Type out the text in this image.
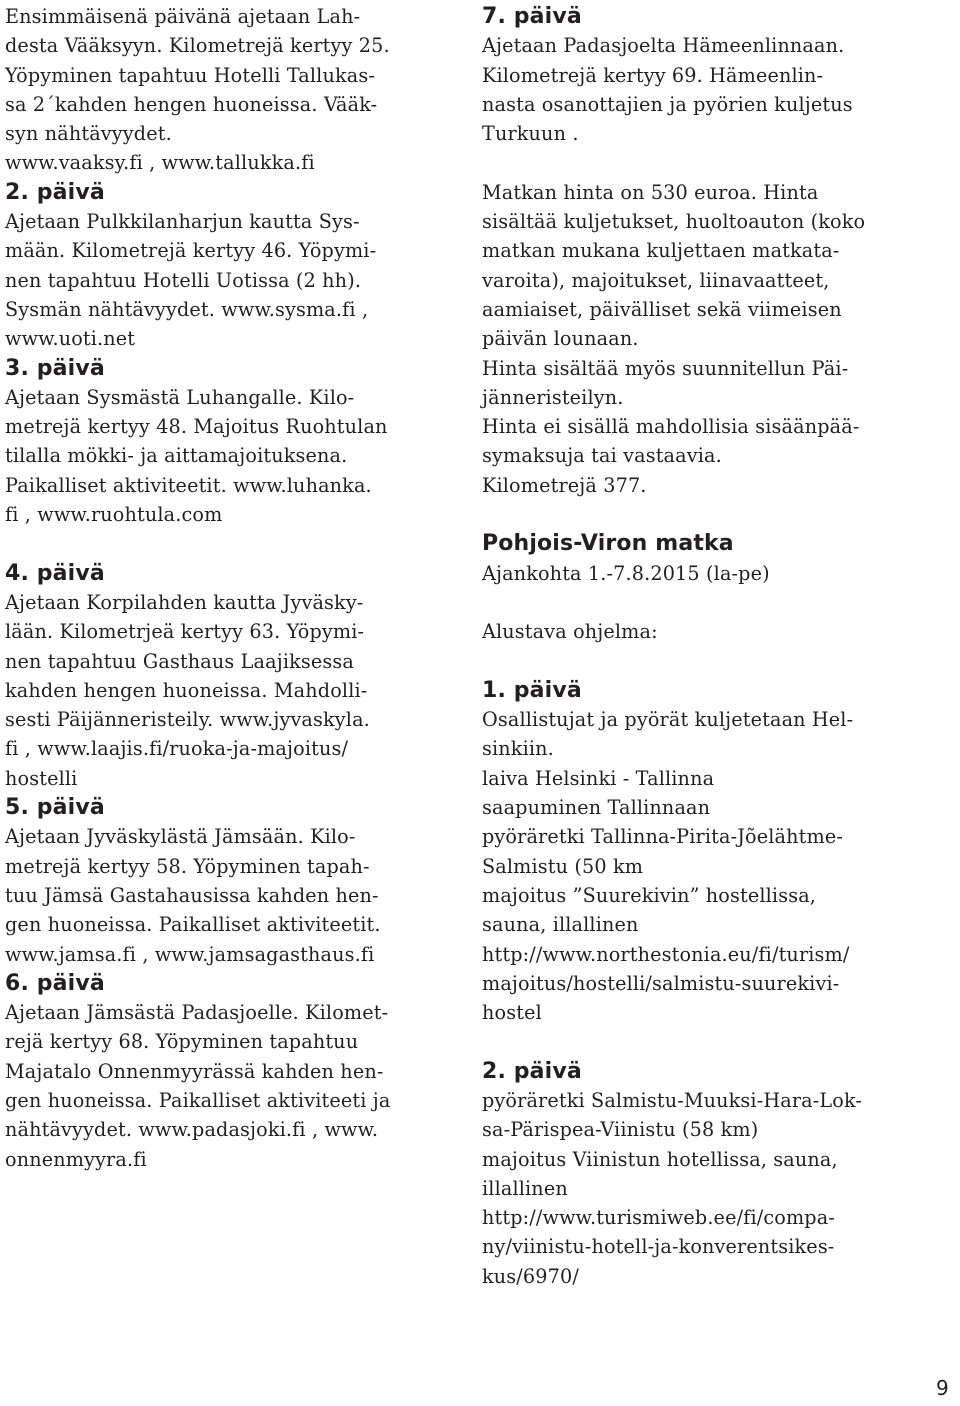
Ensimmäisenä päivänä ajetaan Lah-
desta Vääksyyn. Kilometrejä kertyy 25.
Yöpyminen tapahtuu Hotelli Tallukas-
sa 2´kahden hengen huoneissa. Vääk-
syn nähtävyydet.
www.vaaksy.fi , www.tallukka.fi
2. päivä
Ajetaan Pulkkilanharjun kautta Sys-
mään. Kilometrejä kertyy 46. Yöpymi-
nen tapahtuu Hotelli Uotissa (2 hh).
Sysmän nähtävyydet. www.sysma.fi ,
www.uoti.net
3. päivä
Ajetaan Sysmästä Luhangalle. Kilo-
metrejä kertyy 48. Majoitus Ruohtulan
tilalla mökki- ja aittamajoituksena.
Paikalliset aktiviteetit. www.luhanka.
fi , www.ruohtula.com
4. päivä
Ajetaan Korpilahden kautta Jyväsky-
lään. Kilometrjeä kertyy 63. Yöpymi-
nen tapahtuu Gasthaus Laajiksessa
kahden hengen huoneissa. Mahdolli-
sesti Päijänneristeily. www.jyvaskyla.
fi , www.laajis.fi/ruoka-ja-majoitus/
hostelli
5. päivä
Ajetaan Jyväskylästä Jämsään. Kilo-
metrejä kertyy 58. Yöpyminen tapah-
tuu Jämsä Gastahausissa kahden hen-
gen huoneissa. Paikalliset aktiviteetit.
www.jamsa.fi , www.jamsagasthaus.fi
6. päivä
Ajetaan Jämsästä Padasjoelle. Kilomet-
rejä kertyy 68. Yöpyminen tapahtuu
Majatalo Onnenmyyrässä kahden hen-
gen huoneissa. Paikalliset aktiviteeti ja
nähtävyydet. www.padasjoki.fi , www.
onnenmyyra.fi
7. päivä
Ajetaan Padasjoelta Hämeenlinnaan.
Kilometrejä kertyy 69. Hämeenlin-
nasta osanottajien ja pyörien kuljetus
Turkuun .
Matkan hinta on 530 euroa. Hinta
sisältää kuljetukset, huoltoauton (koko
matkan mukana kuljettaen matkata-
varoita), majoitukset, liinavaatteet,
aamiaiset, päivälliset sekä viimeisen
päivän lounaan.
Hinta sisältää myös suunnitellun Päi-
jänneristeilyn.
Hinta ei sisällä mahdollisia sisäänpää-
symaksuja tai vastaavia.
Kilometrejä 377.
Pohjois-Viron matka
Ajankohta 1.-7.8.2015 (la-pe)
Alustava ohjelma:
1. päivä
Osallistujat ja pyörät kuljetetaan Hel-
sinkiin.
laiva Helsinki - Tallinna
saapuminen Tallinnaan
pyöräretki Tallinna-Pirita-Jõelähtme-
Salmistu (50 km
majoitus ”Suurekivin” hostellissa,
sauna, illallinen
http://www.northestonia.eu/fi/turism/
majoitus/hostelli/salmistu-suurekivi-
hostel
2. päivä
pyöräretki Salmistu-Muuksi-Hara-Lok-
sa-Pärispea-Viinistu (58 km)
majoitus Viinistun hotellissa, sauna,
illallinen
http://www.turismiweb.ee/fi/compa-
ny/viinistu-hotell-ja-konverentsikes-
kus/6970/
9
